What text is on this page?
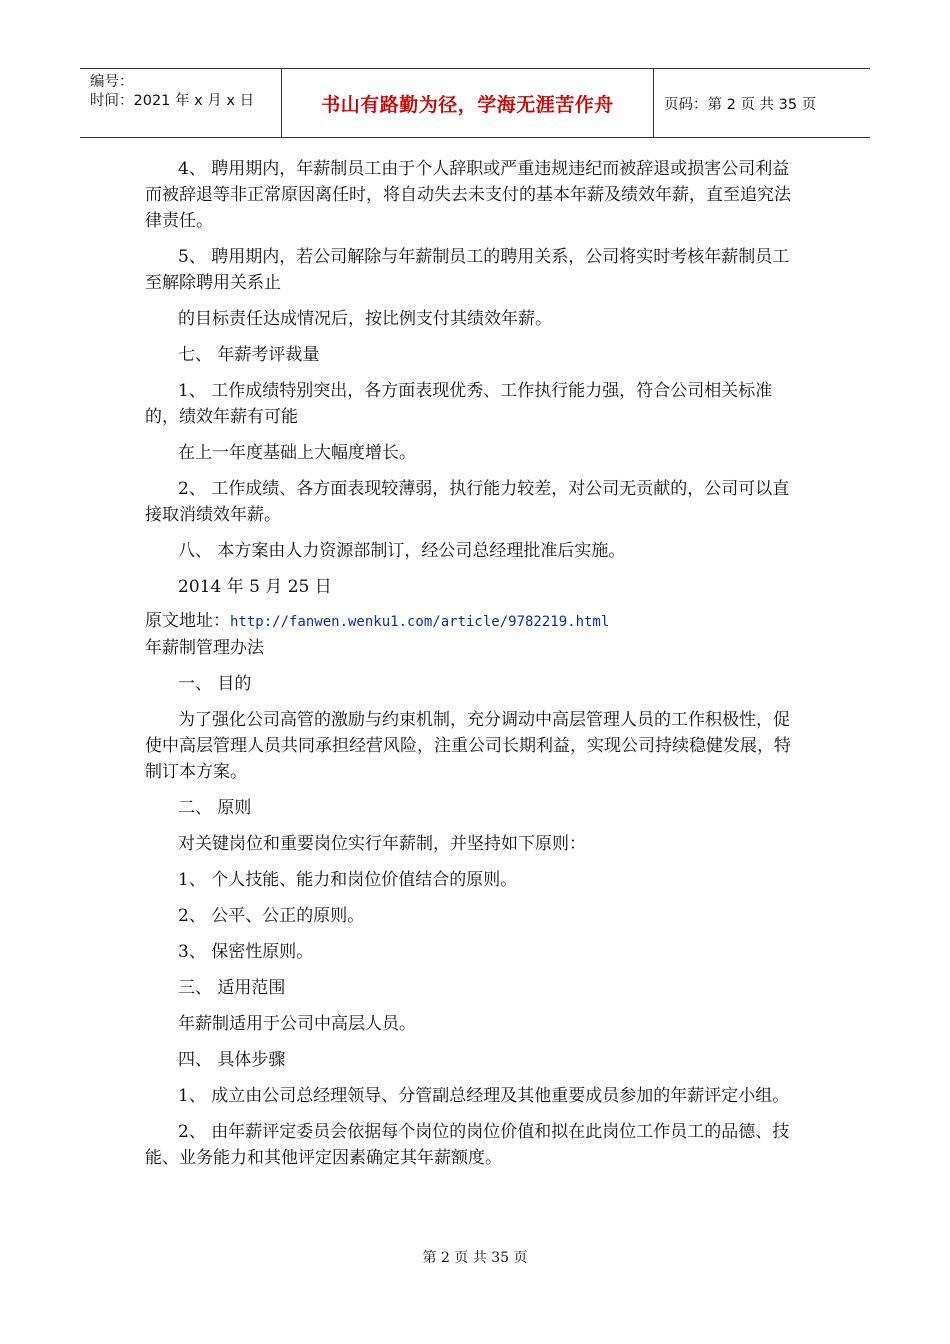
编号：
时间：2021 年 x 月 x 日	书山有路勤为径，学海无涯苦作舟	页码：第 2 页 共 35 页

4、 聘用期内，年薪制员工由于个人辞职或严重违规违纪而被辞退或损害公司利益而被辞退等非正常原因离任时，将自动失去未支付的基本年薪及绩效年薪，直至追究法律责任。

5、 聘用期内，若公司解除与年薪制员工的聘用关系，公司将实时考核年薪制员工至解除聘用关系止

的目标责任达成情况后，按比例支付其绩效年薪。

七、 年薪考评裁量

1、 工作成绩特别突出，各方面表现优秀、工作执行能力强，符合公司相关标准的，绩效年薪有可能

在上一年度基础上大幅度增长。

2、 工作成绩、各方面表现较薄弱，执行能力较差，对公司无贡献的，公司可以直接取消绩效年薪。

八、 本方案由人力资源部制订，经公司总经理批准后实施。

2014 年 5 月 25 日

原文地址：http://fanwen.wenku1.com/article/9782219.html

年薪制管理办法

一、 目的

为了强化公司高管的激励与约束机制，充分调动中高层管理人员的工作积极性，促使中高层管理人员共同承担经营风险，注重公司长期利益，实现公司持续稳健发展，特制订本方案。

二、 原则

对关键岗位和重要岗位实行年薪制，并坚持如下原则：

1、 个人技能、能力和岗位价值结合的原则。

2、 公平、公正的原则。

3、 保密性原则。

三、 适用范围

年薪制适用于公司中高层人员。

四、 具体步骤

1、 成立由公司总经理领导、分管副总经理及其他重要成员参加的年薪评定小组。

2、 由年薪评定委员会依据每个岗位的岗位价值和拟在此岗位工作员工的品德、技能、业务能力和其他评定因素确定其年薪额度。

第 2 页 共 35 页
